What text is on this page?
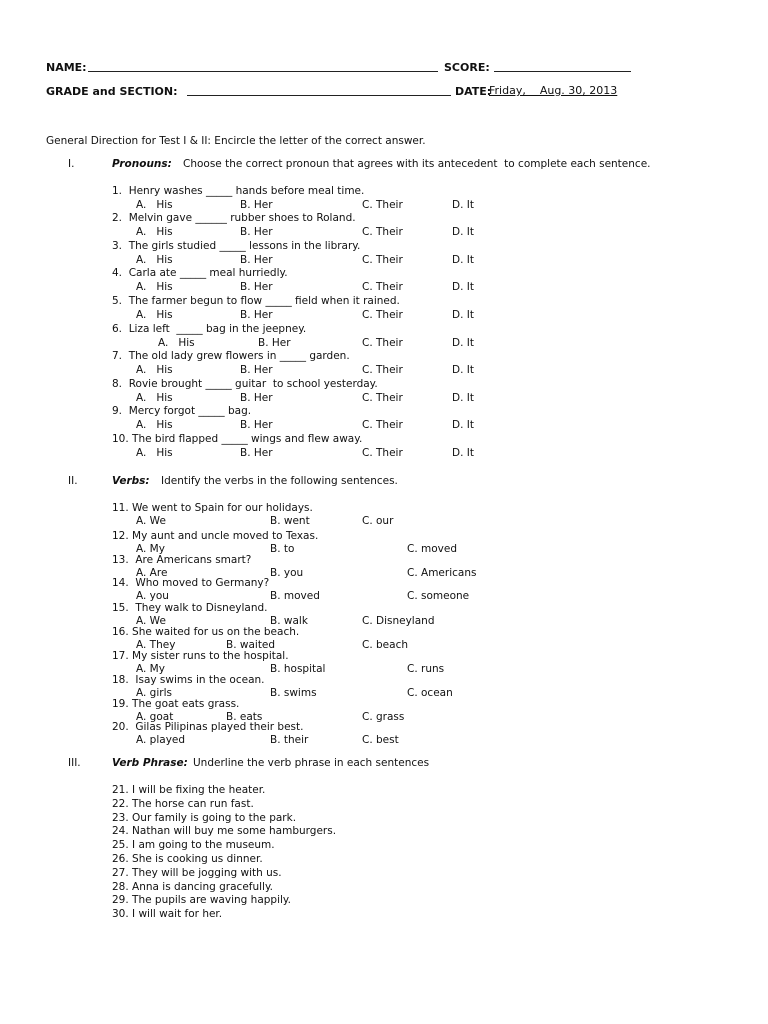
NAME:	SCORE:
GRADE and SECTION:	DATE:
Friday,    Aug. 30, 2013
General Direction for Test I & II: Encircle the letter of the correct answer.
I.	Pronouns: Choose the correct pronoun that agrees with its antecedent  to complete each sentence.
1.  Henry washes _____ hands before meal time.
A.   His	B. Her	C. Their	D. It
2.  Melvin gave ______ rubber shoes to Roland.
A.   His	B. Her	C. Their	D. It
3.  The girls studied _____ lessons in the library.
A.   His	B. Her	C. Their	D. It
4.  Carla ate _____ meal hurriedly.
A.   His	B. Her	C. Their	D. It
5.  The farmer begun to flow _____ field when it rained.
A.   His	B. Her	C. Their	D. It
6.  Liza left  _____ bag in the jeepney.
A.   His	B. Her	C. Their	D. It
7.  The old lady grew flowers in _____ garden.
A.   His	B. Her	C. Their	D. It
8.  Rovie brought _____ guitar  to school yesterday.
A.   His	B. Her	C. Their	D. It
9.  Mercy forgot _____ bag.
A.   His	B. Her	C. Their	D. It
10. The bird flapped _____ wings and flew away.
A.   His	B. Her	C. Their	D. It
II.	Verbs: Identify the verbs in the following sentences.
11. We went to Spain for our holidays.
A. We	B. went	C. our
12. My aunt and uncle moved to Texas.
A. My	B. to	C. moved
13.  Are Americans smart?
A. Are	B. you	C. Americans
14.  Who moved to Germany?
A. you	B. moved	C. someone
15.  They walk to Disneyland.
A. We	B. walk	C. Disneyland
16. She waited for us on the beach.
A. They	B. waited	C. beach
17. My sister runs to the hospital.
A. My	B. hospital	C. runs
18.  Isay swims in the ocean.
A. girls	B. swims	C. ocean
19. The goat eats grass.
A. goat	B. eats	C. grass
20.  Gilas Pilipinas played their best.
A. played	B. their	C. best
III.	Verb Phrase: Underline the verb phrase in each sentences
21. I will be fixing the heater.
22. The horse can run fast.
23. Our family is going to the park.
24. Nathan will buy me some hamburgers.
25. I am going to the museum.
26. She is cooking us dinner.
27. They will be jogging with us.
28. Anna is dancing gracefully.
29. The pupils are waving happily.
30. I will wait for her.
